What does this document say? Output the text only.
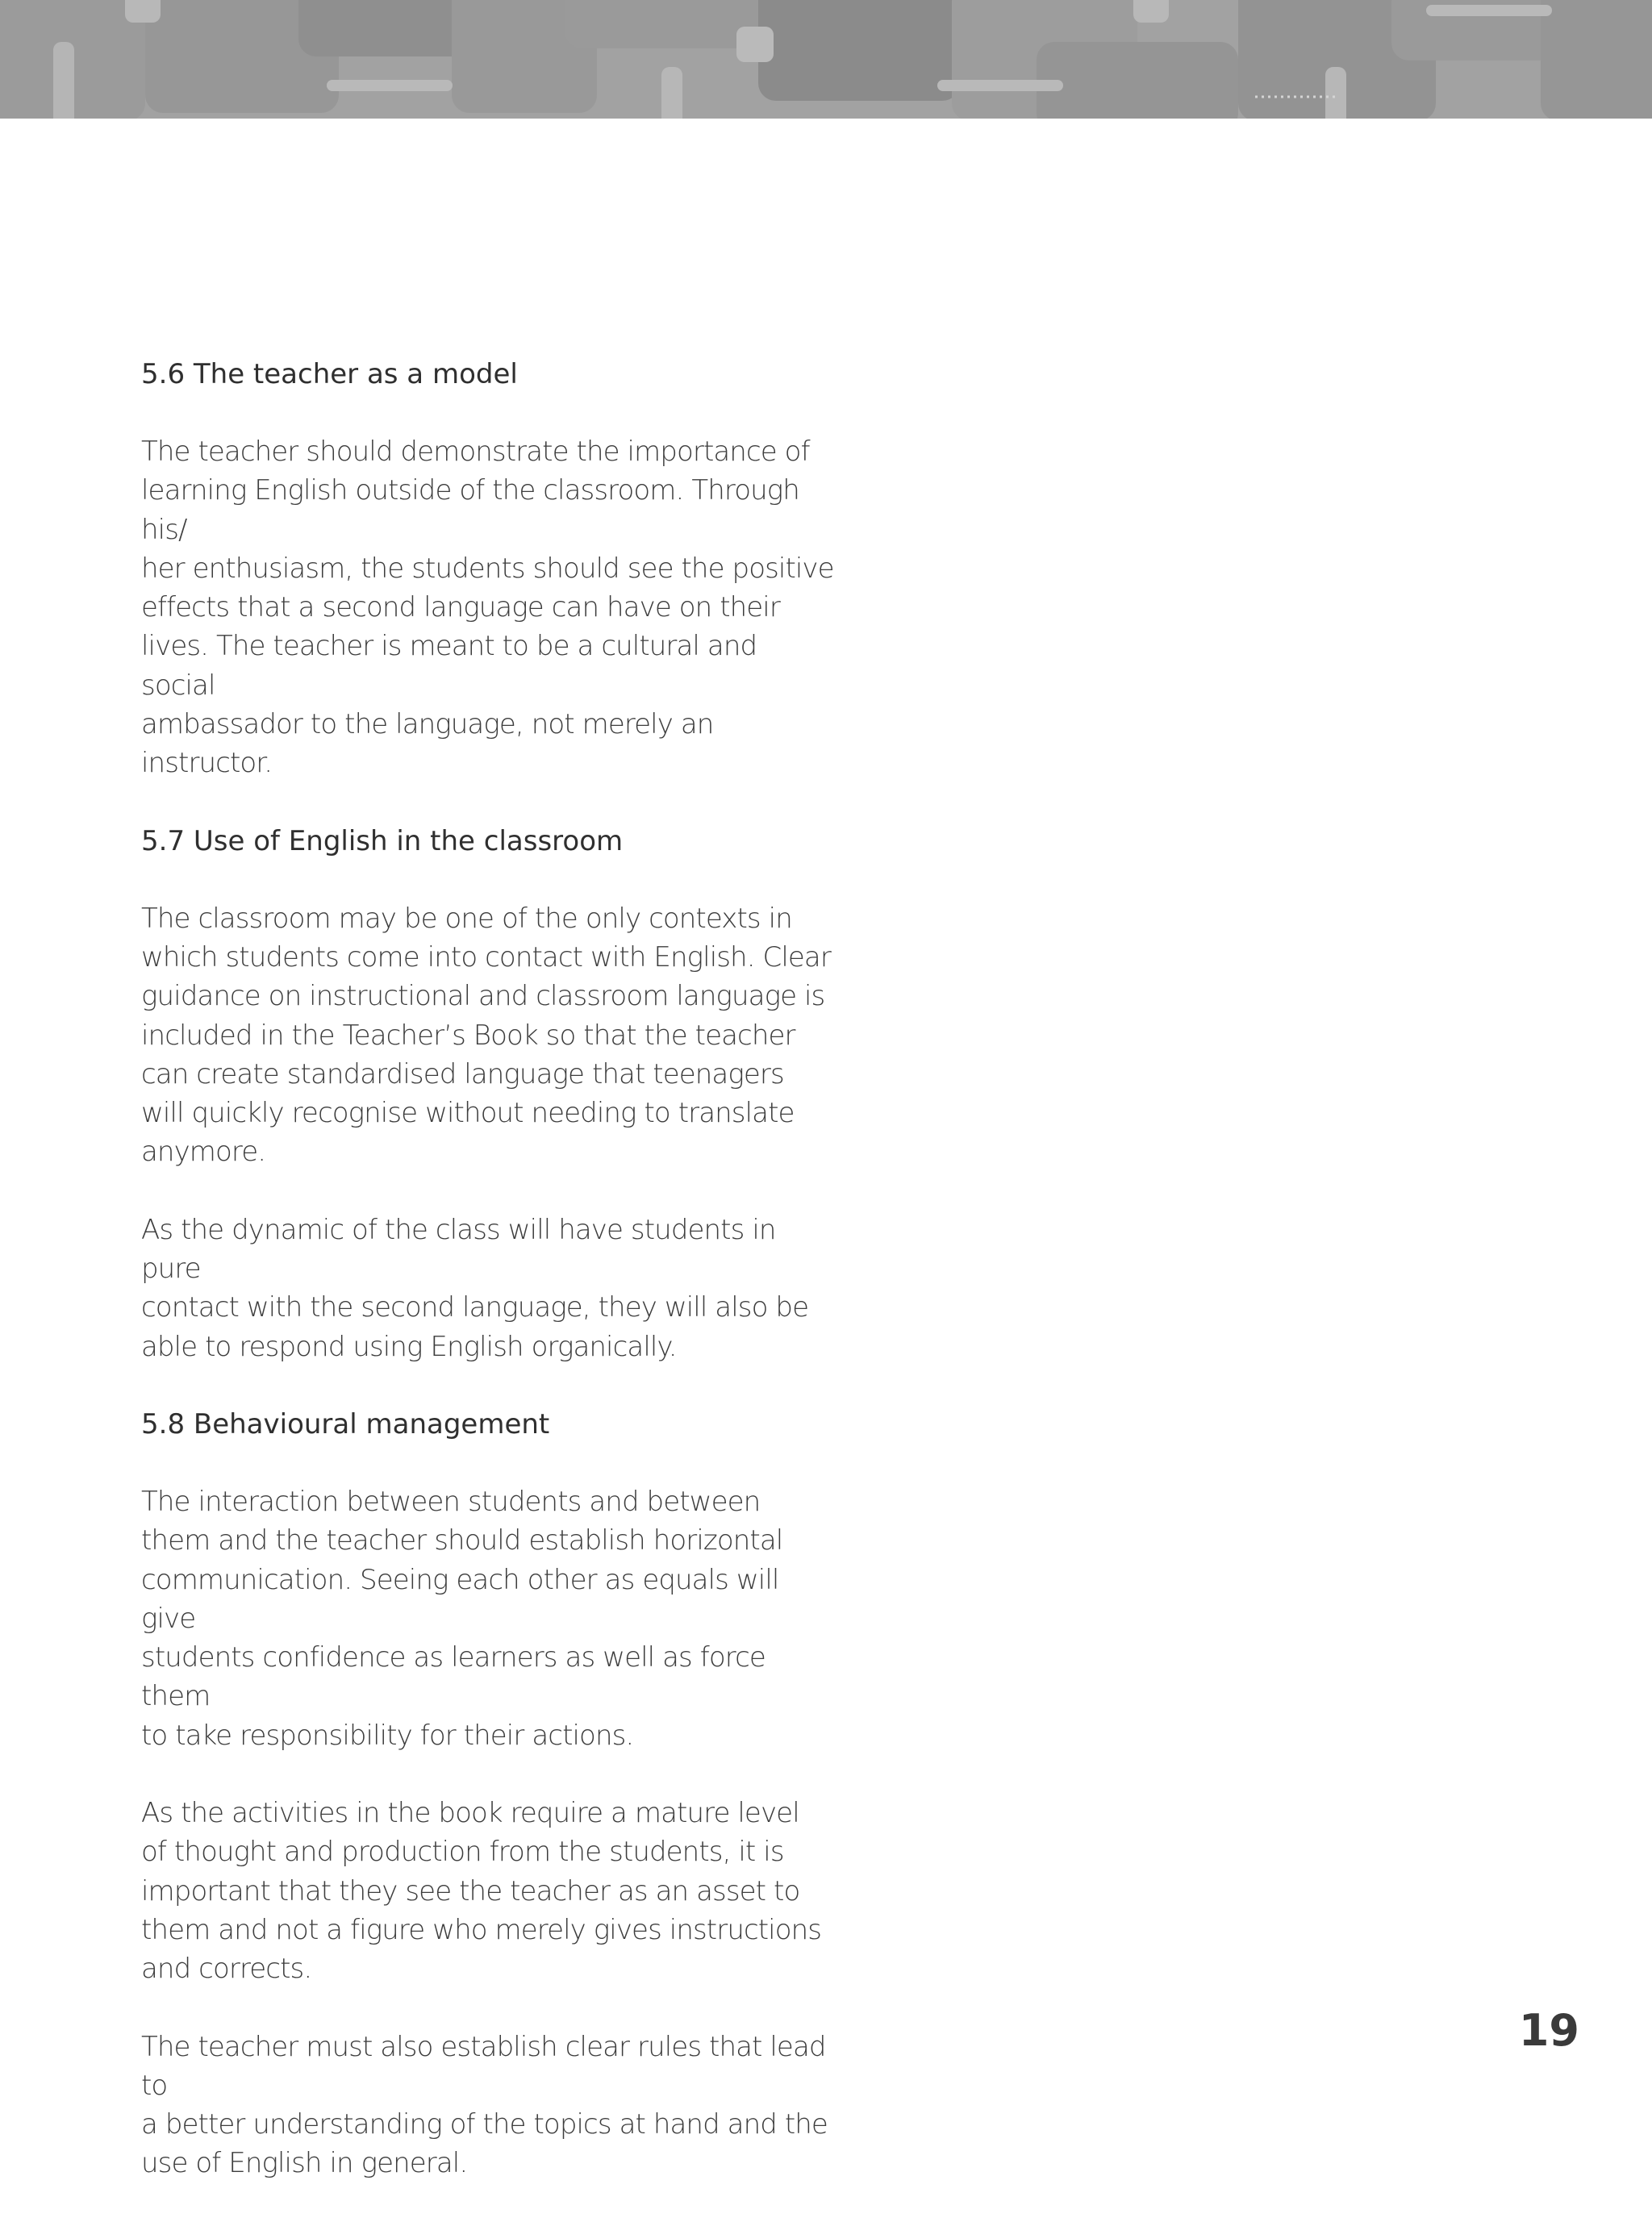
5.6 The teacher as a model

The teacher should demonstrate the importance of
learning English outside of the classroom. Through his/
her enthusiasm, the students should see the positive
effects that a second language can have on their
lives. The teacher is meant to be a cultural and social
ambassador to the language, not merely an instructor.

5.7 Use of English in the classroom

The classroom may be one of the only contexts in
which students come into contact with English. Clear
guidance on instructional and classroom language is
included in the Teacher’s Book so that the teacher
can create standardised language that teenagers
will quickly recognise without needing to translate
anymore.

As the dynamic of the class will have students in pure
contact with the second language, they will also be
able to respond using English organically.

5.8 Behavioural management

The interaction between students and between
them and the teacher should establish horizontal
communication. Seeing each other as equals will give
students confidence as learners as well as force them
to take responsibility for their actions.

As the activities in the book require a mature level
of thought and production from the students, it is
important that they see the teacher as an asset to
them and not a figure who merely gives instructions
and corrects.

The teacher must also establish clear rules that lead to
a better understanding of the topics at hand and the
use of English in general.

19
